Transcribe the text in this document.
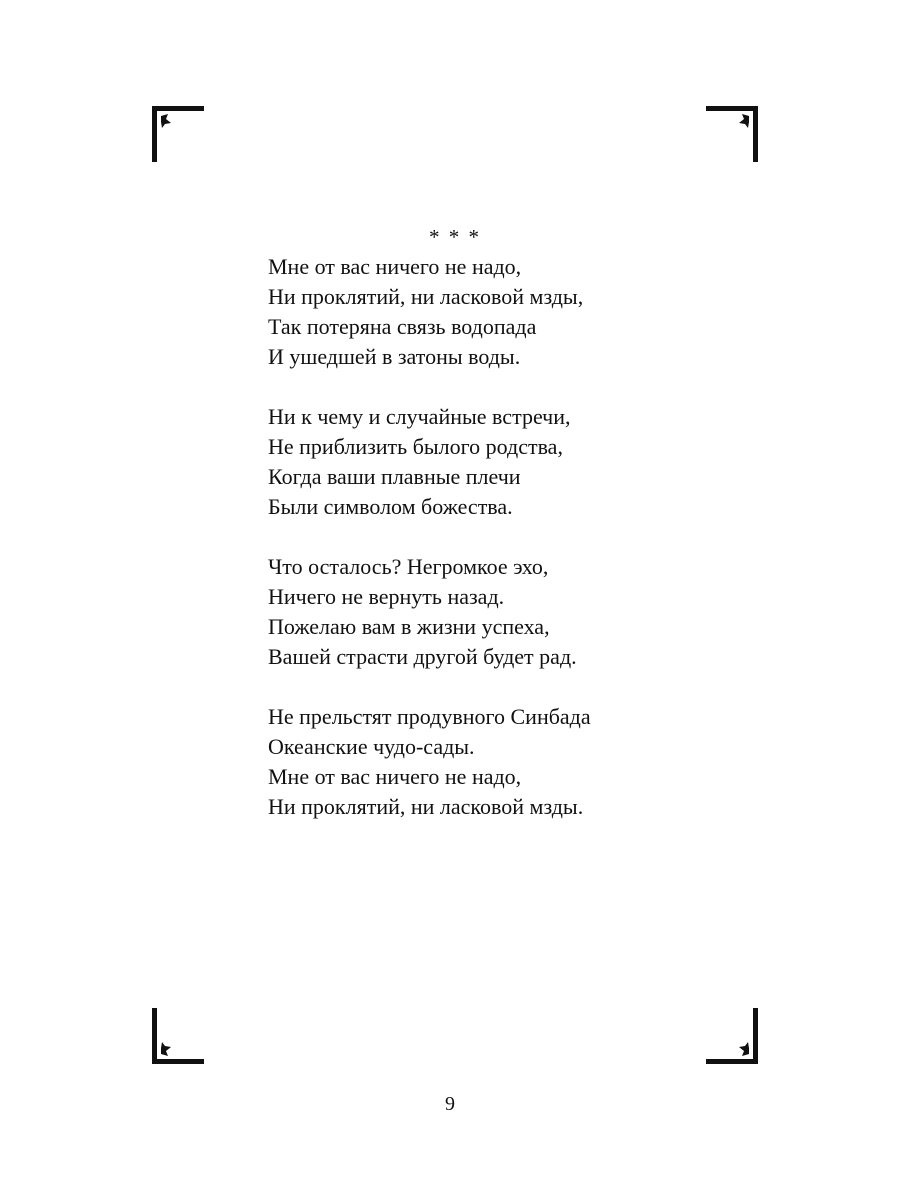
* * *
Мне от вас ничего не надо,
Ни проклятий, ни ласковой мзды,
Так потеряна связь водопада
И ушедшей в затоны воды.
Ни к чему и случайные встречи,
Не приблизить былого родства,
Когда ваши плавные плечи
Были символом божества.
Что осталось? Негромкое эхо,
Ничего не вернуть назад.
Пожелаю вам в жизни успеха,
Вашей страсти другой будет рад.
Не прельстят продувного Синбада
Океанские чудо-сады.
Мне от вас ничего не надо,
Ни проклятий, ни ласковой мзды.
9
